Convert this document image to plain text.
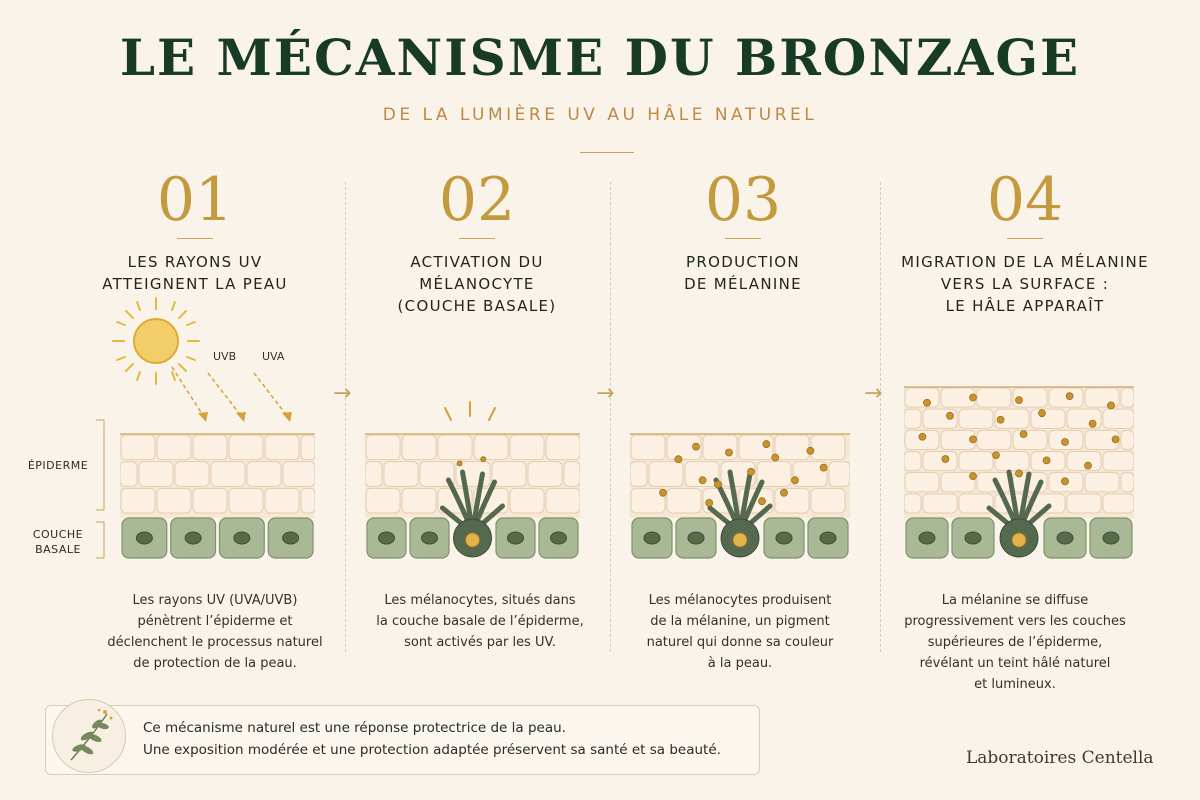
LE MÉCANISME DU BRONZAGE
DE LA LUMIÈRE UV AU HÂLE NATUREL
→	→	→
01
LES RAYONS UV
ATTEIGNENT LA PEAU
02
ACTIVATION DU
MÉLANOCYTE
(COUCHE BASALE)
03
PRODUCTION
DE MÉLANINE
04
MIGRATION DE LA MÉLANINE
VERS LA SURFACE :
LE HÂLE APPARAÎT
ÉPIDERME
COUCHE
BASALE
UVB UVA
Les rayons UV (UVA/UVB)
pénètrent l’épiderme et
déclenchent le processus naturel
de protection de la peau.
Les mélanocytes, situés dans
la couche basale de l’épiderme,
sont activés par les UV.
Les mélanocytes produisent
de la mélanine, un pigment
naturel qui donne sa couleur
à la peau.
La mélanine se diffuse
progressivement vers les couches
supérieures de l’épiderme,
révélant un teint hâlé naturel
et lumineux.
Ce mécanisme naturel est une réponse protectrice de la peau.
Une exposition modérée et une protection adaptée préservent sa santé et sa beauté.	Laboratoires Centella
